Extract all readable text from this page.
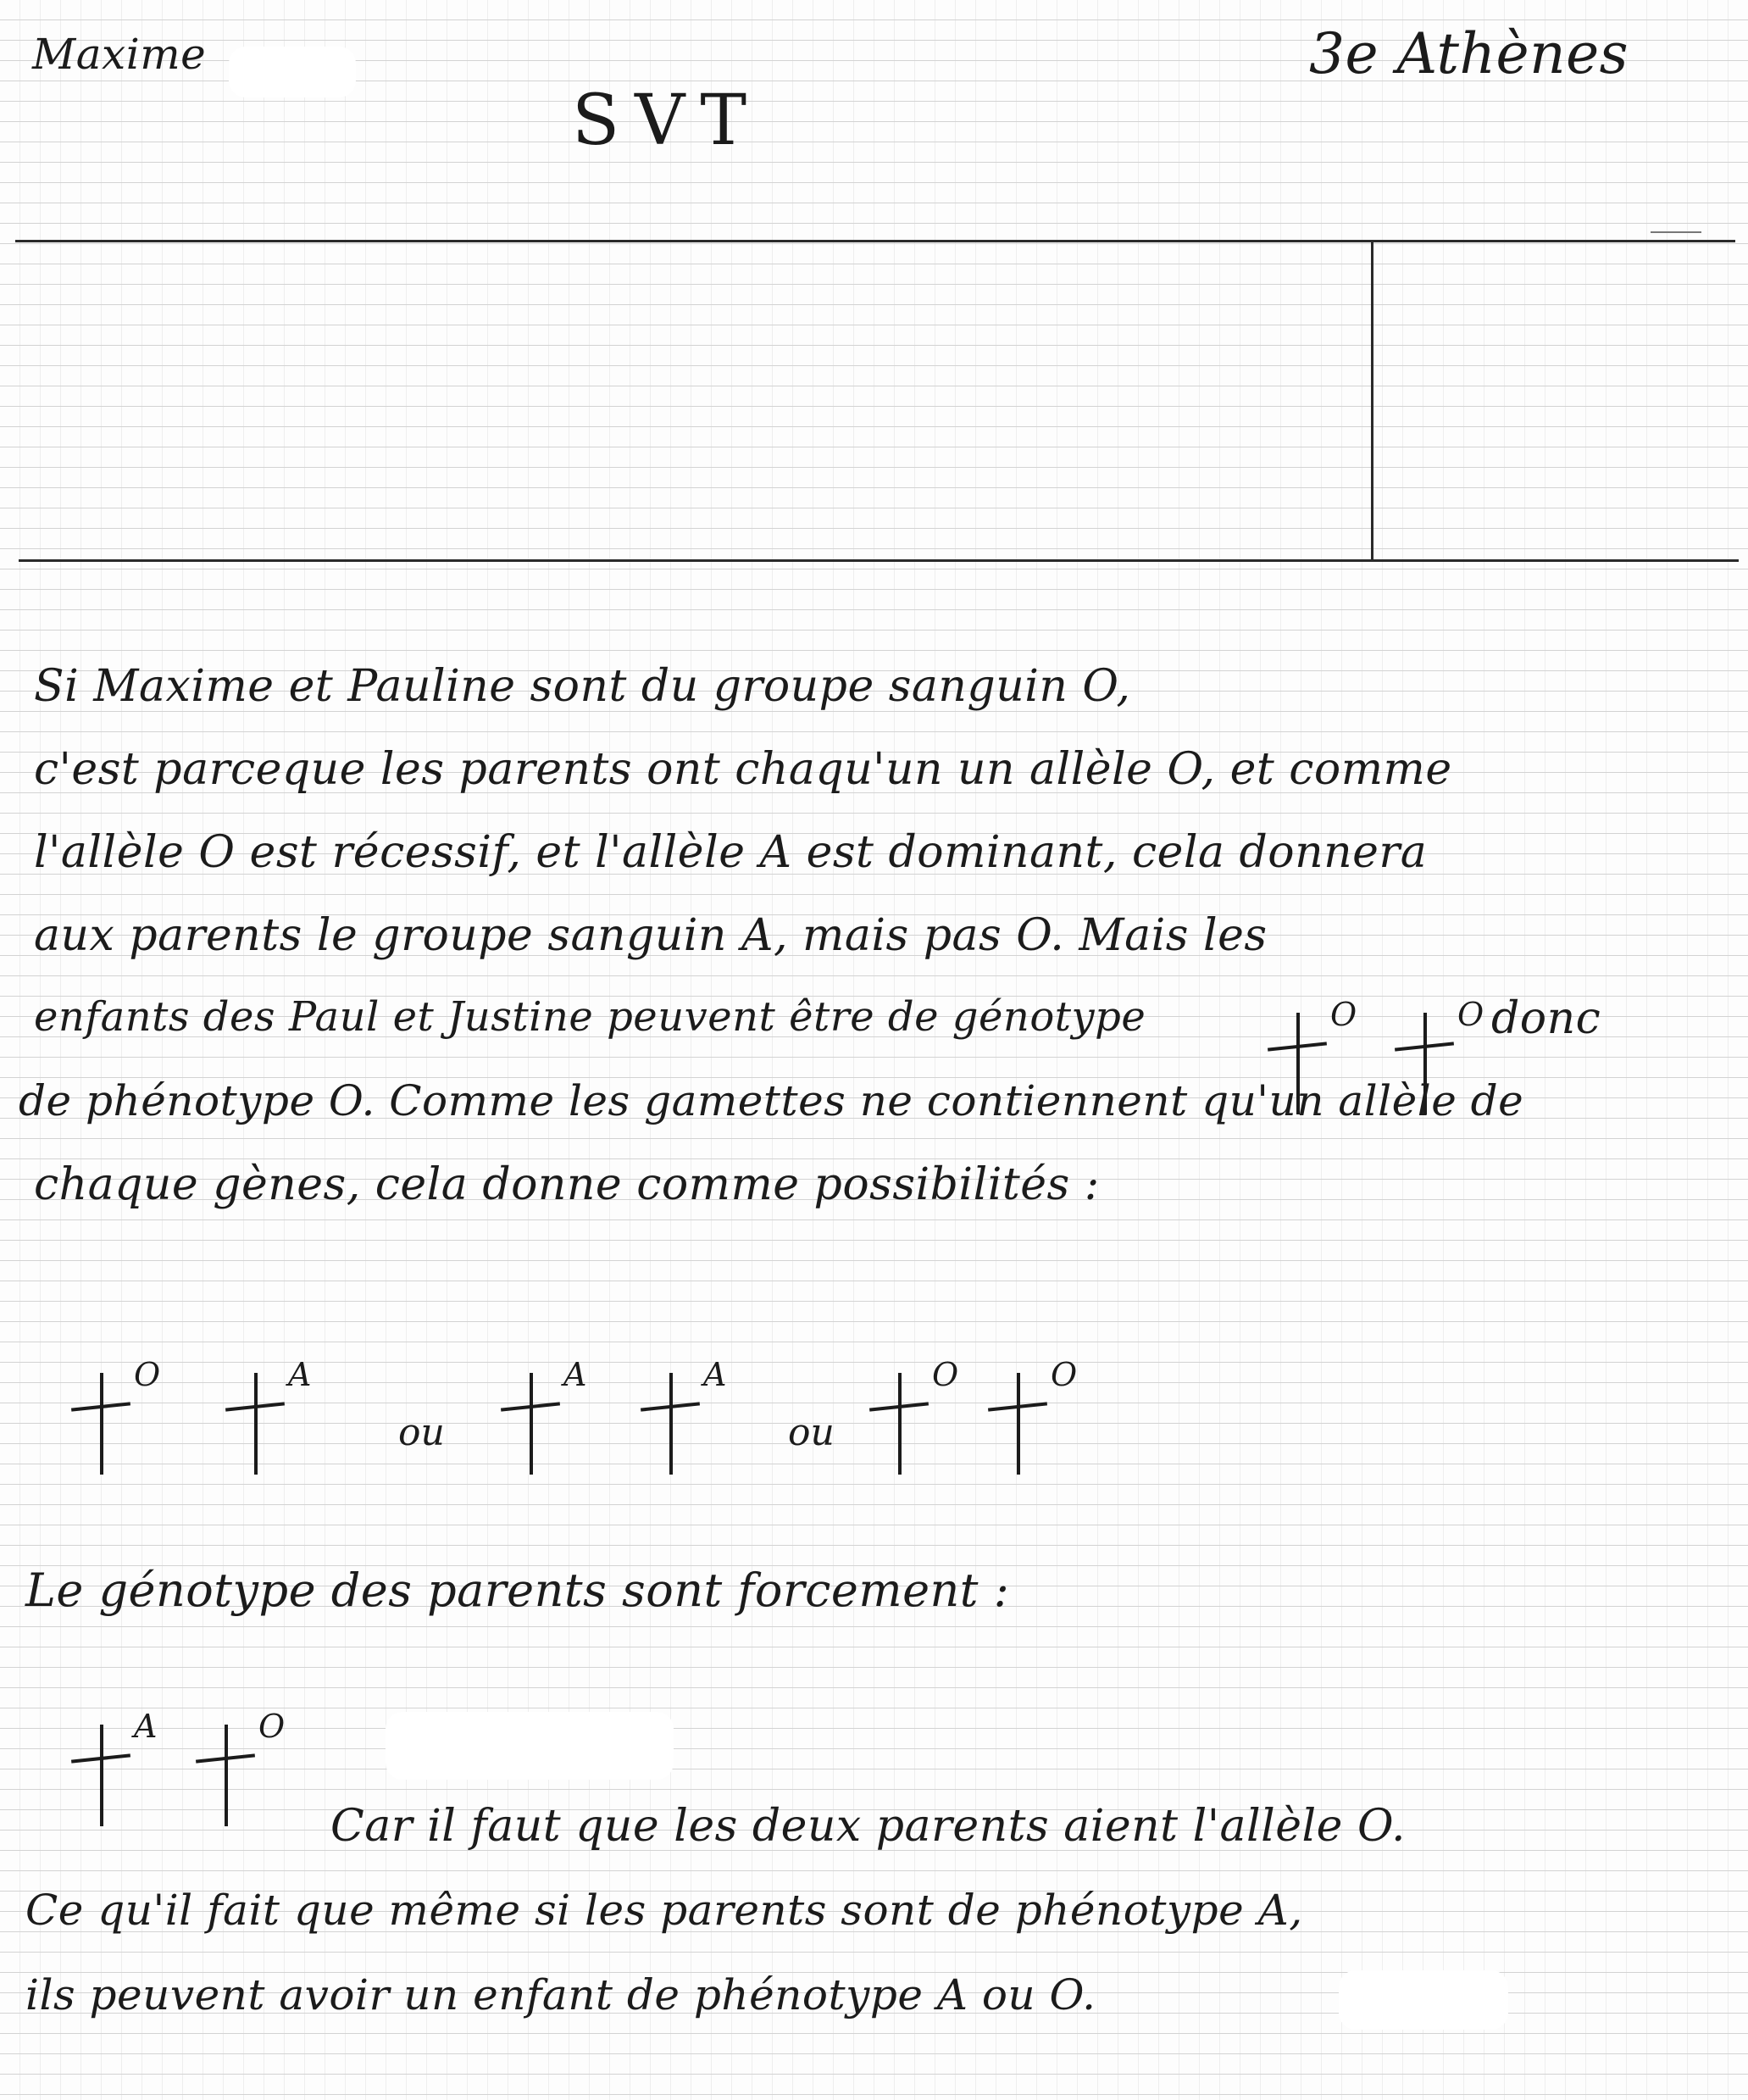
Maxime
SVT
3e Athènes
Si Maxime et Pauline sont du groupe sanguin O,
c'est parceque les parents ont chaqu'un un allèle O, et comme
l'allèle O est récessif, et l'allèle A est dominant, cela donnera
aux parents le groupe sanguin A, mais pas O. Mais les
enfants des Paul et Justine peuvent être de génotype	O	O donc
de phénotype O. Comme les gamettes ne contiennent qu'un allèle de
chaque gènes, cela donne comme possibilités :
O	A
ou
A	A
ou
O	O
Le génotype des parents sont forcement :
A	O
Car il faut que les deux parents aient l'allèle O.
Ce qu'il fait que même si les parents sont de phénotype A,
ils peuvent avoir un enfant de phénotype A ou O.
